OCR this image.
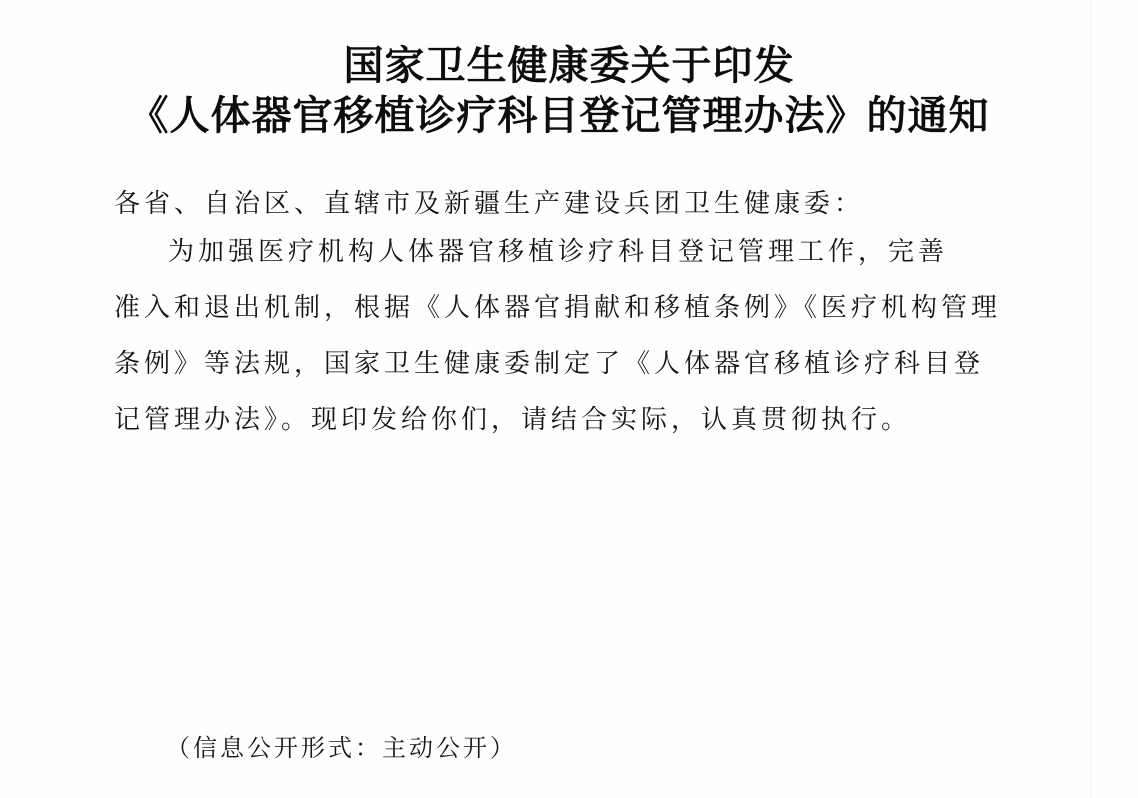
国家卫生健康委关于印发
《人体器官移植诊疗科目登记管理办法》的通知
各省、自治区、直辖市及新疆生产建设兵团卫生健康委：
为加强医疗机构人体器官移植诊疗科目登记管理工作，完善
准入和退出机制，根据《人体器官捐献和移植条例》《医疗机构管理
条例》等法规，国家卫生健康委制定了《人体器官移植诊疗科目登
记管理办法》。现印发给你们，请结合实际，认真贯彻执行。
（信息公开形式：主动公开）
